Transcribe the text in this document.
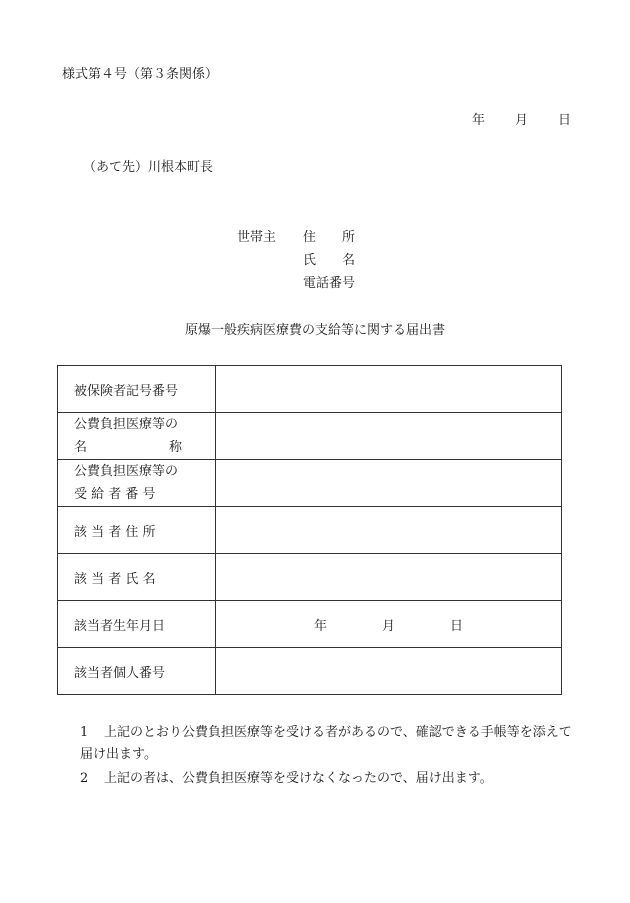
様式第４号（第３条関係）
年 月 日
（あて先）川根本町長
世帯主 住　　所
氏　　名
電話番号
原爆一般疾病医療費の支給等に関する届出書
被保険者記号番号	

公費負担医療等の
名 称	

公費負担医療等の
受 給 者 番 号	

該 当 者 住 所	
該 当 者 氏 名	
該当者生年月日	年 月 日
該当者個人番号	
1 上記のとおり公費負担医療等を受ける者があるので、確認できる手帳等を添えて届け出ます。
2 上記の者は、公費負担医療等を受けなくなったので、届け出ます。
